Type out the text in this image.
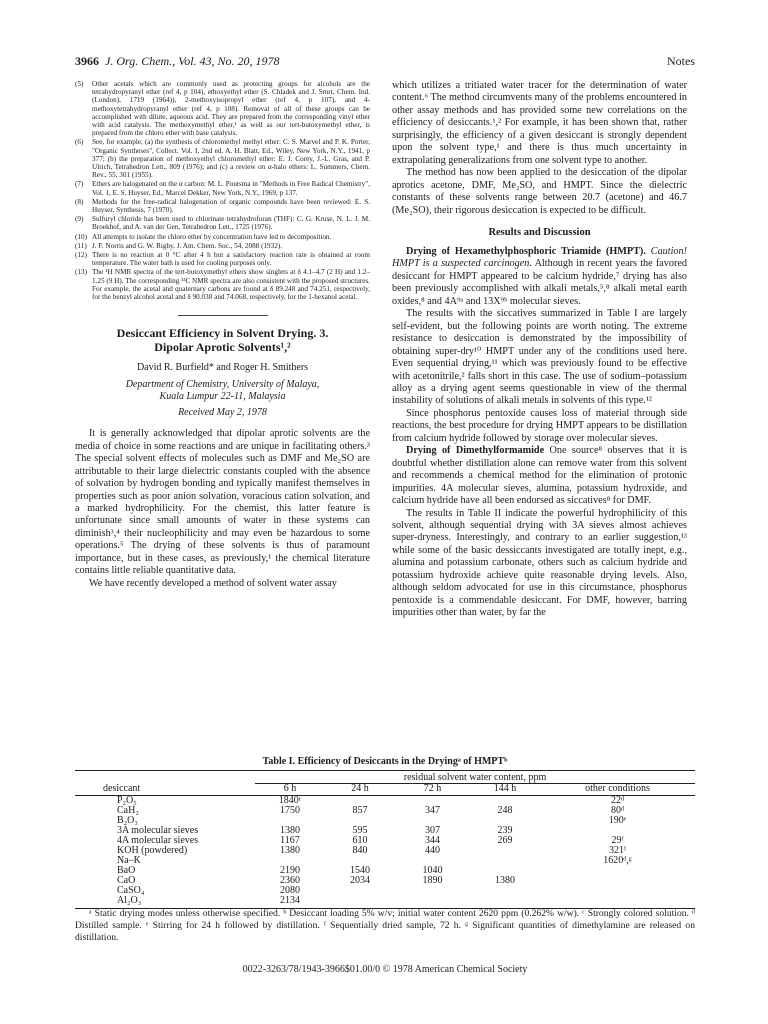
3966 J. Org. Chem., Vol. 43, No. 20, 1978	Notes
(5)	Other acetals which are commonly used as protecting groups for alcohols are the tetrahydropyranyl ether (ref 4, p 104), ethoxyethyl ether (S. Chladek and J. Smrt, Chem. Ind. (London), 1719 (1964)), 2-methoxyisopropyl ether (ref 4, p 107), and 4-methoxytetrahydropyranyl ether (ref 4, p 108). Removal of all of these groups can be accomplished with dilute, aqueous acid. They are prepared from the corresponding vinyl ether with acid catalysis. The methoxymethyl ether,¹ as well as our tert-butoxymethyl ether, is prepared from the chloro ether with base catalysis.
(6)	See, for example, (a) the synthesis of chloromethyl methyl ether: C. S. Marvel and P. K. Porter, "Organic Syntheses", Collect. Vol. I, 2nd ed, A. H. Blatt, Ed., Wiley, New York, N.Y., 1941, p 377; (b) the preparation of methoxyethyl chloromethyl ether: E. J. Corey, J.-L. Gras, and P. Ulrich, Tetrahedron Lett., 809 (1976); and (c) a review on α-halo ethers: L. Summers, Chem. Rev., 55, 301 (1955).
(7)	Ethers are halogenated on the α carbon: M. L. Poutsma in "Methods in Free Radical Chemistry", Vol. 1, E. S. Huyser, Ed., Marcel Dekker, New York, N.Y., 1969, p 137.
(8)	Methods for the free-radical halogenation of organic compounds have been reviewed: E. S. Huyser, Synthesis, 7 (1970).
(9)	Sulfuryl chloride has been used to chlorinate tetrahydrofuran (THF): C. G. Kruse, N. L. J. M. Broekhof, and A. van der Gen, Tetrahedron Lett., 1725 (1976).
(10) All attempts to isolate the chloro ether by concentration have led to decomposition.
(11) J. F. Norris and G. W. Rigby, J. Am. Chem. Soc., 54, 2088 (1932).
(12) There is no reaction at 0 °C after 4 h but a satisfactory reaction rate is obtained at room temperature. The water bath is used for cooling purposes only.
(13) The ¹H NMR spectra of the tert-butoxymethyl ethers show singlets at δ 4.1–4.7 (2 H) and 1.2–1.25 (9 H). The corresponding ¹³C NMR spectra are also consistent with the proposed structures. For example, the acetal and quaternary carbons are found at δ 89.248 and 74.251, respectively, for the benzyl alcohol acetal and δ 90.038 and 74.068, respectively, for the 1-hexanol acetal.
Desiccant Efficiency in Solvent Drying. 3.
Dipolar Aprotic Solvents¹,²
David R. Burfield* and Roger H. Smithers
Department of Chemistry, University of Malaya,
Kuala Lumpur 22-11, Malaysia
Received May 2, 1978

It is generally acknowledged that dipolar aprotic solvents are the media of choice in some reactions and are unique in facilitating others.³ The special solvent effects of molecules such as DMF and Me₂SO are attributable to their large dielectric constants coupled with the absence of solvation by hydrogen bonding and typically manifest themselves in properties such as poor anion solvation, voracious cation solvation, and a marked hydrophilicity. For the chemist, this latter feature is unfortunate since small amounts of water in these systems can diminish³,⁴ their nucleophilicity and may even be hazardous to some operations.⁵ The drying of these solvents is thus of paramount importance, but in these cases, as previously,¹ the chemical literature contains little reliable quantitative data.

We have recently developed a method of solvent water assay

which utilizes a tritiated water tracer for the determination of water content.⁶ The method circumvents many of the problems encountered in other assay methods and has provided some new correlations on the efficiency of desiccants.¹,² For example, it has been shown that, rather surprisingly, the efficiency of a given desiccant is strongly dependent upon the solvent type,¹ and there is thus much uncertainty in extrapolating generalizations from one solvent type to another.

The method has now been applied to the desiccation of the dipolar aprotics acetone, DMF, Me₂SO, and HMPT. Since the dielectric constants of these solvents range between 20.7 (acetone) and 46.7 (Me₂SO), their rigorous desiccation is expected to be difficult.

Results and Discussion

Drying of Hexamethylphosphoric Triamide (HMPT). Caution! HMPT is a suspected carcinogen. Although in recent years the favored desiccant for HMPT appeared to be calcium hydride,⁷ drying has also been previously accomplished with alkali metals,⁵,⁸ alkali metal earth oxides,⁸ and 4A⁹ᵃ and 13X⁹ᵇ molecular sieves.

The results with the siccatives summarized in Table I are largely self-evident, but the following points are worth noting. The extreme resistance to desiccation is demonstrated by the impossibility of obtaining super-dry¹⁰ HMPT under any of the conditions used here. Even sequential drying,¹¹ which was previously found to be effective with acetonitrile,² falls short in this case. The use of sodium–potassium alloy as a drying agent seems questionable in view of the thermal instability of solutions of alkali metals in solvents of this type.¹²

Since phosphorus pentoxide causes loss of material through side reactions, the best procedure for drying HMPT appears to be distillation from calcium hydride followed by storage over molecular sieves.

Drying of Dimethylformamide One source⁸ observes that it is doubtful whether distillation alone can remove water from this solvent and recommends a chemical method for the elimination of protonic impurities. 4A molecular sieves, alumina, potassium hydroxide, and calcium hydride have all been endorsed as siccatives⁸ for DMF.

The results in Table II indicate the powerful hydrophilicity of this solvent, although sequential drying with 3A sieves almost achieves super-dryness. Interestingly, and contrary to an earlier suggestion,¹³ while some of the basic dessiccants investigated are totally inept, e.g., alumina and potassium carbonate, others such as calcium hydride and potassium hydroxide achieve quite reasonable drying levels. Also, although seldom advocated for use in this circumstance, phosphorus pentoxide is a commendable desiccant. For DMF, however, barring impurities other than water, by far the

Table I. Efficiency of Desiccants in the Dryingᵃ of HMPTᵇ
	residual solvent water content, ppm				
desiccant	6 h	24 h	72 h	144 h	other conditions
P₂O₅	1840ᶜ				22ᵈ
CaH₂	1750	857	347	248	80ᵈ
B₂O₃					190ᵉ
3A molecular sieves	1380	595	307	239	
4A molecular sieves	1167	610	344	269	29ᶠ
KOH (powdered)	1380	840	440		321ᶠ
Na–K					1620ᵈ,ᵍ
BaO	2190	1540	1040		
CaO	2360	2034	1890	1380	
CaSO₄	2080				
Al₂O₃	2134				

ᵃ Static drying modes unless otherwise specified. ᵇ Desiccant loading 5% w/v; initial water content 2620 ppm (0.262% w/w). ᶜ Strongly colored solution. ᵈ Distilled sample. ᵉ Stirring for 24 h followed by distillation. ᶠ Sequentially dried sample, 72 h. ᵍ Significant quantities of dimethylamine are released on distillation.

0022-3263/78/1943-3966$01.00/0 © 1978 American Chemical Society
